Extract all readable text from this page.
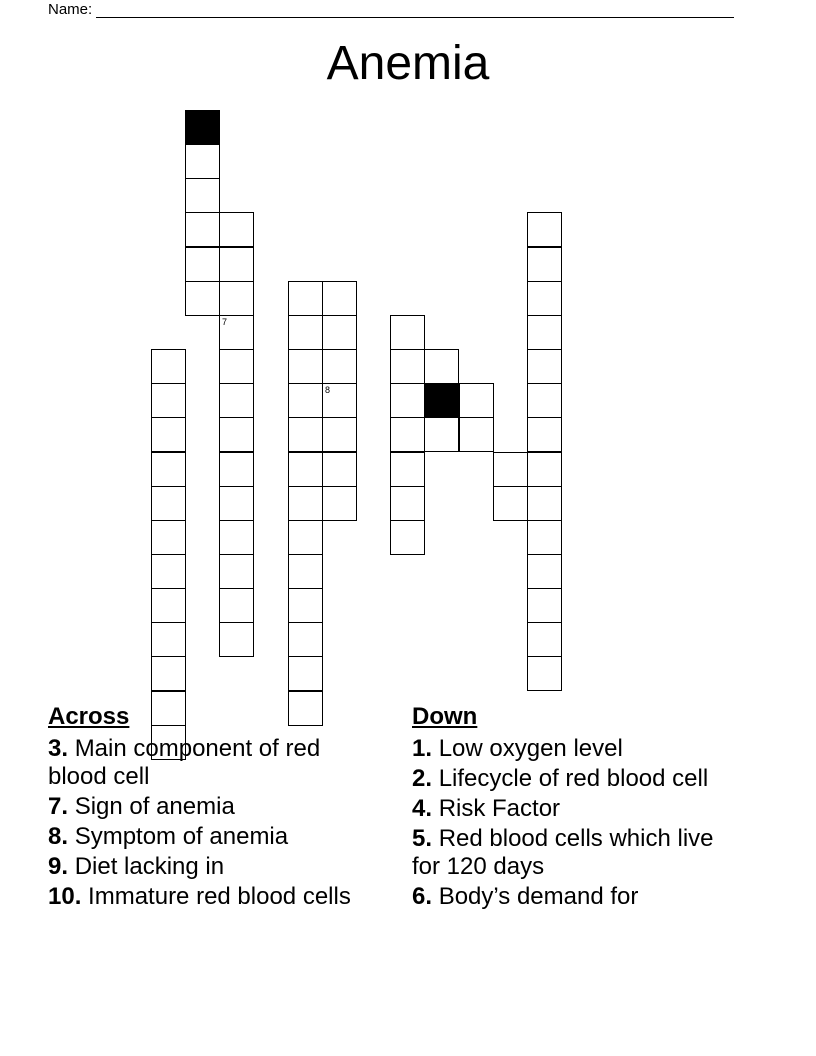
Name:
Anemia
7
8
Across
3. Main component of red blood cell
7. Sign of anemia
8. Symptom of anemia
9. Diet lacking in
10. Immature red blood cells
Down
1. Low oxygen level
2. Lifecycle of red blood cell
4. Risk Factor
5. Red blood cells which live for 120 days
6. Body’s demand for
